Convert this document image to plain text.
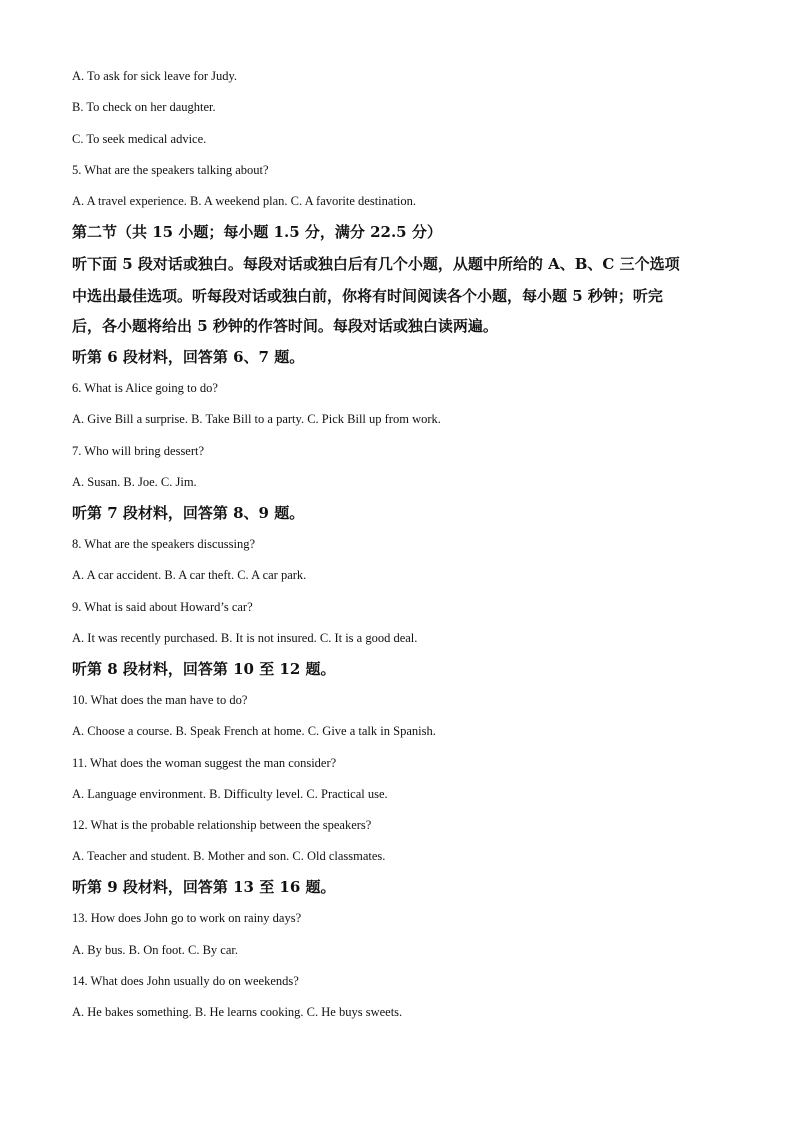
A. To ask for sick leave for Judy.
B. To check on her daughter.
C. To seek medical advice.
5. What are the speakers talking about?
A. A travel experience. B. A weekend plan. C. A favorite destination.
第二节（共 15 小题；每小题 1.5 分，满分 22.5 分）
听下面 5 段对话或独白。每段对话或独白后有几个小题，从题中所给的 A、B、C 三个选项
中选出最佳选项。听每段对话或独白前，你将有时间阅读各个小题，每小题 5 秒钟；听完
后，各小题将给出 5 秒钟的作答时间。每段对话或独白读两遍。
听第 6 段材料，回答第 6、7 题。
6. What is Alice going to do?
A. Give Bill a surprise. B. Take Bill to a party. C. Pick Bill up from work.
7. Who will bring dessert?
A. Susan. B. Joe. C. Jim.
听第 7 段材料，回答第 8、9 题。
8. What are the speakers discussing?
A. A car accident. B. A car theft. C. A car park.
9. What is said about Howard’s car?
A. It was recently purchased. B. It is not insured. C. It is a good deal.
听第 8 段材料，回答第 10 至 12 题。
10. What does the man have to do?
A. Choose a course. B. Speak French at home. C. Give a talk in Spanish.
11. What does the woman suggest the man consider?
A. Language environment. B. Difficulty level. C. Practical use.
12. What is the probable relationship between the speakers?
A. Teacher and student. B. Mother and son. C. Old classmates.
听第 9 段材料，回答第 13 至 16 题。
13. How does John go to work on rainy days?
A. By bus. B. On foot. C. By car.
14. What does John usually do on weekends?
A. He bakes something. B. He learns cooking. C. He buys sweets.
